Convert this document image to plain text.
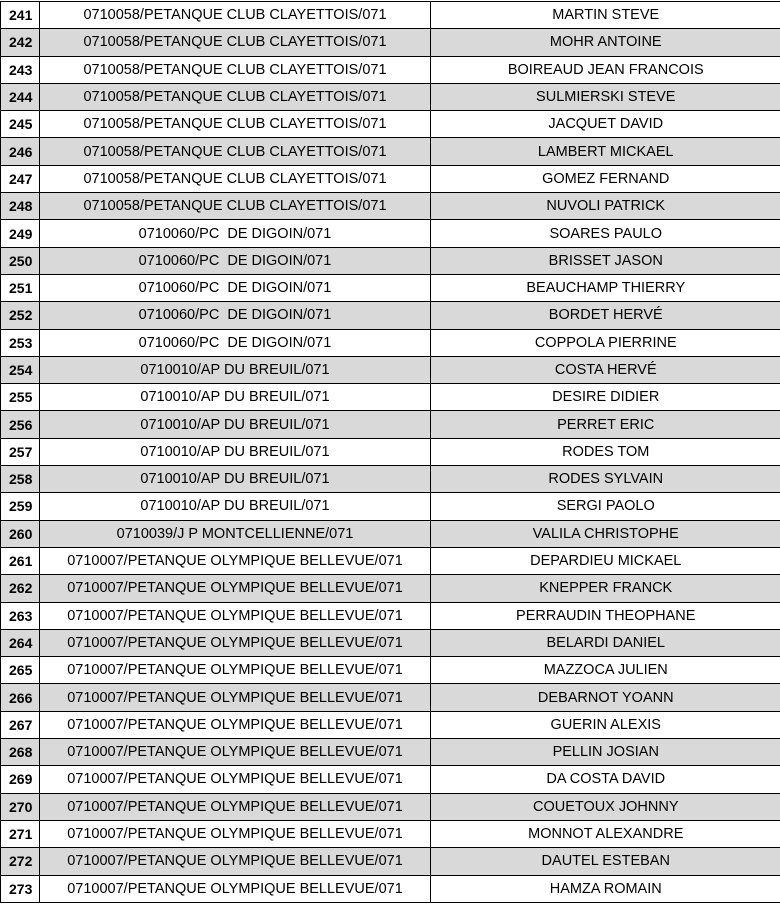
241	0710058/PETANQUE CLUB CLAYETTOIS/071	MARTIN STEVE
242	0710058/PETANQUE CLUB CLAYETTOIS/071	MOHR ANTOINE
243	0710058/PETANQUE CLUB CLAYETTOIS/071	BOIREAUD JEAN FRANCOIS
244	0710058/PETANQUE CLUB CLAYETTOIS/071	SULMIERSKI STEVE
245	0710058/PETANQUE CLUB CLAYETTOIS/071	JACQUET DAVID
246	0710058/PETANQUE CLUB CLAYETTOIS/071	LAMBERT MICKAEL
247	0710058/PETANQUE CLUB CLAYETTOIS/071	GOMEZ FERNAND
248	0710058/PETANQUE CLUB CLAYETTOIS/071	NUVOLI PATRICK
249	0710060/PC  DE DIGOIN/071	SOARES PAULO
250	0710060/PC  DE DIGOIN/071	BRISSET JASON
251	0710060/PC  DE DIGOIN/071	BEAUCHAMP THIERRY
252	0710060/PC  DE DIGOIN/071	BORDET HERVÉ
253	0710060/PC  DE DIGOIN/071	COPPOLA PIERRINE
254	0710010/AP DU BREUIL/071	COSTA HERVÉ
255	0710010/AP DU BREUIL/071	DESIRE DIDIER
256	0710010/AP DU BREUIL/071	PERRET ERIC
257	0710010/AP DU BREUIL/071	RODES TOM
258	0710010/AP DU BREUIL/071	RODES SYLVAIN
259	0710010/AP DU BREUIL/071	SERGI PAOLO
260	0710039/J P MONTCELLIENNE/071	VALILA CHRISTOPHE
261	0710007/PETANQUE OLYMPIQUE BELLEVUE/071	DEPARDIEU MICKAEL
262	0710007/PETANQUE OLYMPIQUE BELLEVUE/071	KNEPPER FRANCK
263	0710007/PETANQUE OLYMPIQUE BELLEVUE/071	PERRAUDIN THEOPHANE
264	0710007/PETANQUE OLYMPIQUE BELLEVUE/071	BELARDI DANIEL
265	0710007/PETANQUE OLYMPIQUE BELLEVUE/071	MAZZOCA JULIEN
266	0710007/PETANQUE OLYMPIQUE BELLEVUE/071	DEBARNOT YOANN
267	0710007/PETANQUE OLYMPIQUE BELLEVUE/071	GUERIN ALEXIS
268	0710007/PETANQUE OLYMPIQUE BELLEVUE/071	PELLIN JOSIAN
269	0710007/PETANQUE OLYMPIQUE BELLEVUE/071	DA COSTA DAVID
270	0710007/PETANQUE OLYMPIQUE BELLEVUE/071	COUETOUX JOHNNY
271	0710007/PETANQUE OLYMPIQUE BELLEVUE/071	MONNOT ALEXANDRE
272	0710007/PETANQUE OLYMPIQUE BELLEVUE/071	DAUTEL ESTEBAN
273	0710007/PETANQUE OLYMPIQUE BELLEVUE/071	HAMZA ROMAIN
